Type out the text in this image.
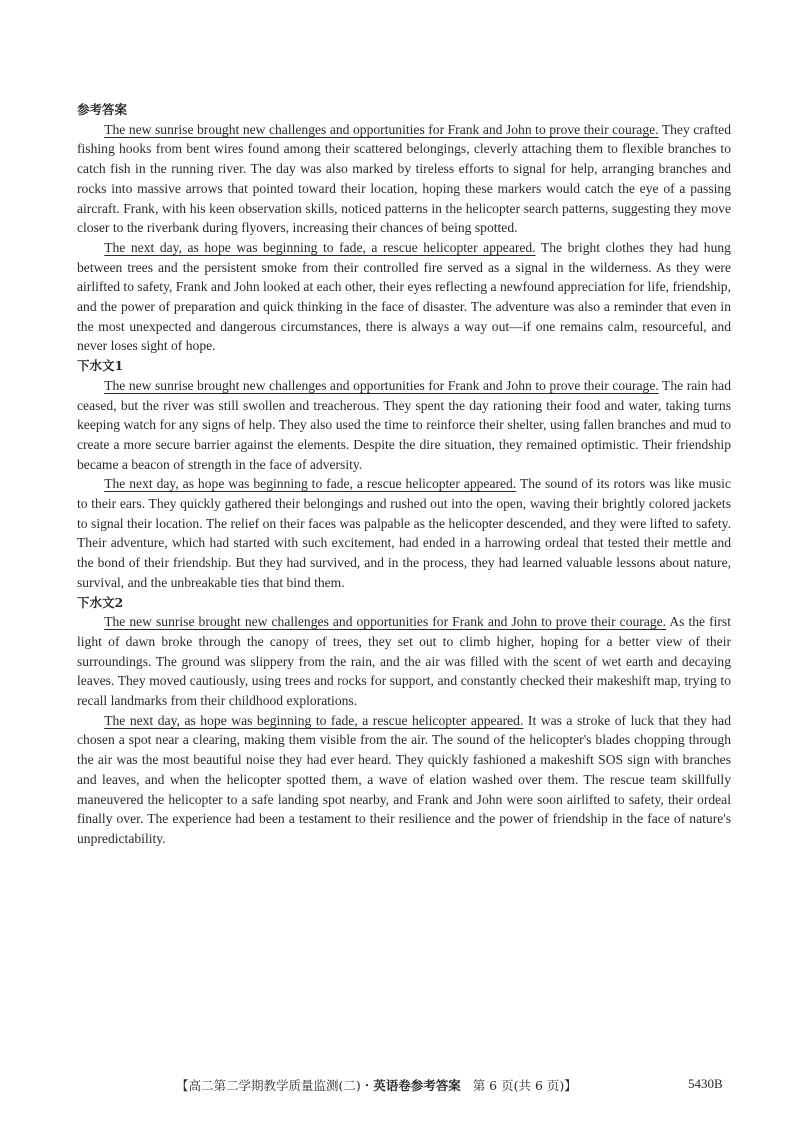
参考答案

The new sunrise brought new challenges and opportunities for Frank and John to prove their courage. They crafted fishing hooks from bent wires found among their scattered belongings, cleverly attaching them to flexible branches to catch fish in the running river. The day was also marked by tireless efforts to signal for help, arranging branches and rocks into massive arrows that pointed toward their location, hoping these markers would catch the eye of a passing aircraft. Frank, with his keen observation skills, noticed patterns in the helicopter search patterns, suggesting they move closer to the riverbank during flyovers, increasing their chances of being spotted.

The next day, as hope was beginning to fade, a rescue helicopter appeared. The bright clothes they had hung between trees and the persistent smoke from their controlled fire served as a signal in the wilderness. As they were airlifted to safety, Frank and John looked at each other, their eyes reflecting a newfound appreciation for life, friendship, and the power of preparation and quick thinking in the face of disaster. The adventure was also a reminder that even in the most unexpected and dangerous circumstances, there is always a way out—if one remains calm, resourceful, and never loses sight of hope.

下水文1

The new sunrise brought new challenges and opportunities for Frank and John to prove their courage. The rain had ceased, but the river was still swollen and treacherous. They spent the day rationing their food and water, taking turns keeping watch for any signs of help. They also used the time to reinforce their shelter, using fallen branches and mud to create a more secure barrier against the elements. Despite the dire situation, they remained optimistic. Their friendship became a beacon of strength in the face of adversity.

The next day, as hope was beginning to fade, a rescue helicopter appeared. The sound of its rotors was like music to their ears. They quickly gathered their belongings and rushed out into the open, waving their brightly colored jackets to signal their location. The relief on their faces was palpable as the helicopter descended, and they were lifted to safety. Their adventure, which had started with such excitement, had ended in a harrowing ordeal that tested their mettle and the bond of their friendship. But they had survived, and in the process, they had learned valuable lessons about nature, survival, and the unbreakable ties that bind them.

下水文2

The new sunrise brought new challenges and opportunities for Frank and John to prove their courage. As the first light of dawn broke through the canopy of trees, they set out to climb higher, hoping for a better view of their surroundings. The ground was slippery from the rain, and the air was filled with the scent of wet earth and decaying leaves. They moved cautiously, using trees and rocks for support, and constantly checked their makeshift map, trying to recall landmarks from their childhood explorations.

The next day, as hope was beginning to fade, a rescue helicopter appeared. It was a stroke of luck that they had chosen a spot near a clearing, making them visible from the air. The sound of the helicopter's blades chopping through the air was the most beautiful noise they had ever heard. They quickly fashioned a makeshift SOS sign with branches and leaves, and when the helicopter spotted them, a wave of elation washed over them. The rescue team skillfully maneuvered the helicopter to a safe landing spot nearby, and Frank and John were soon airlifted to safety, their ordeal finally over. The experience had been a testament to their resilience and the power of friendship in the face of nature's unpredictability.

【高二第二学期教学质量监测(二)・英语卷参考答案 第 6 页(共 6 页)】	5430B
